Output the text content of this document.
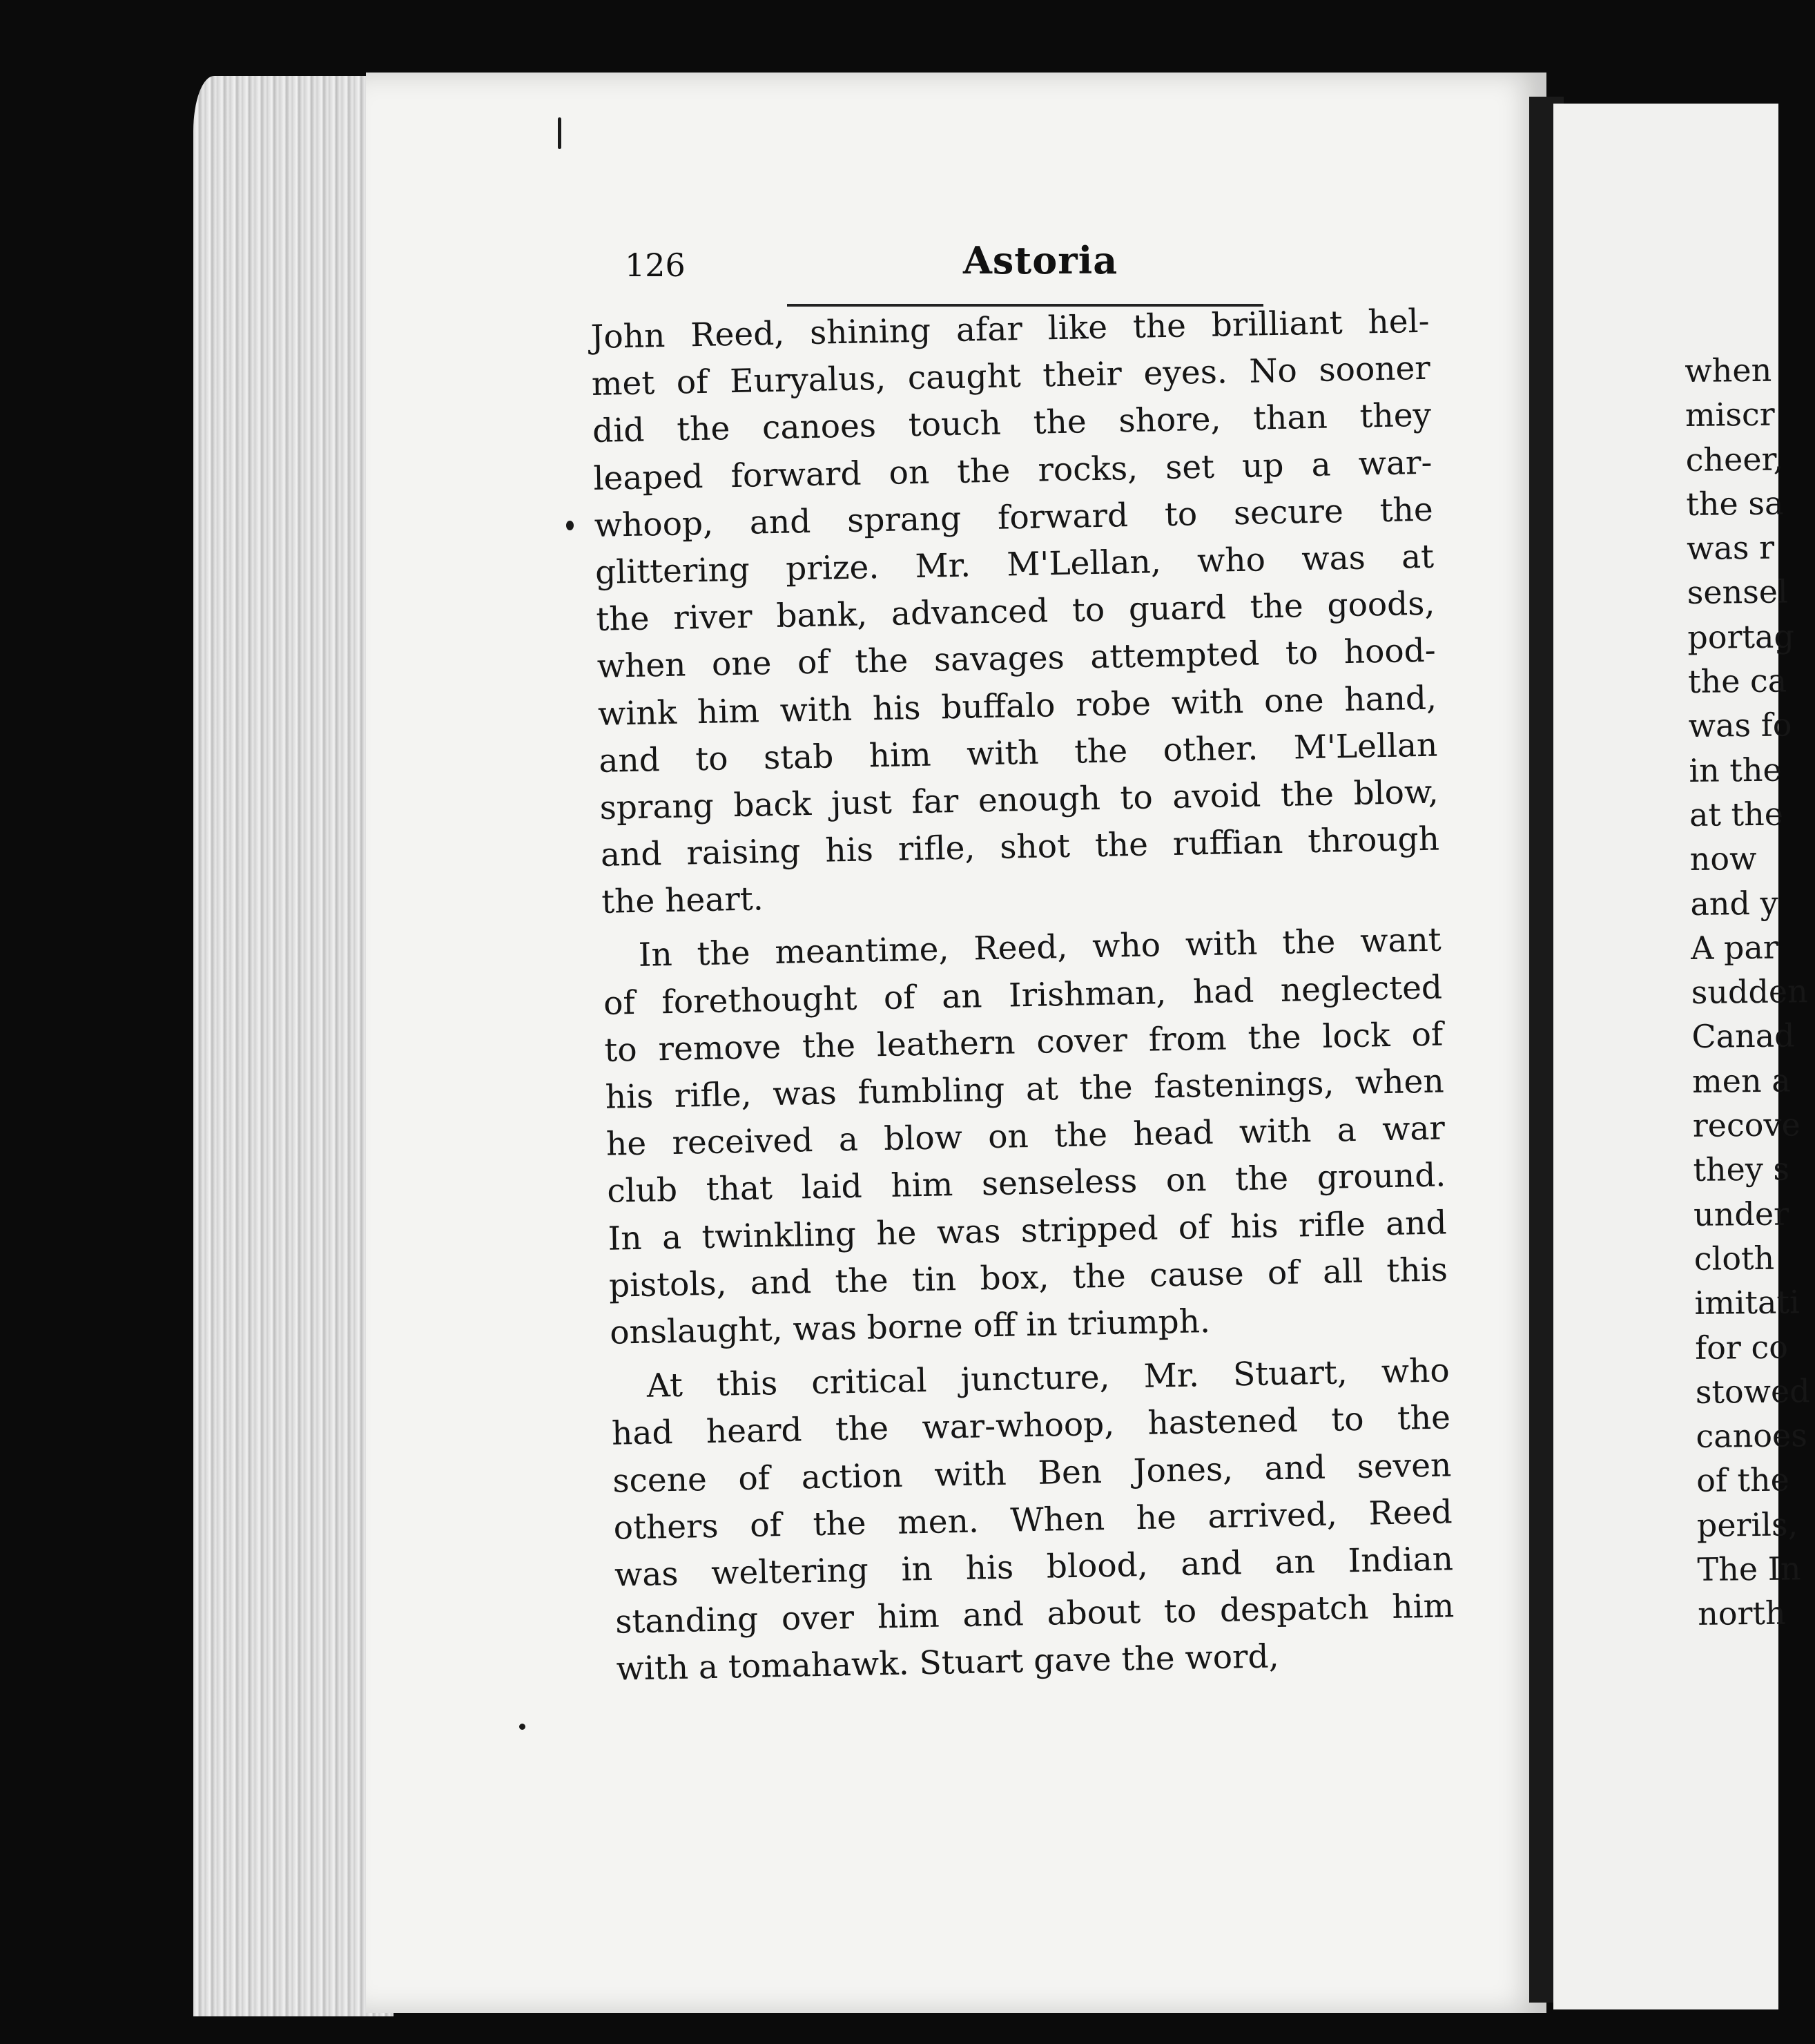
126	Astoria
John Reed, shining afar like the brilliant hel-
met of Euryalus, caught their eyes. No sooner
did the canoes touch the shore, than they
leaped forward on the rocks, set up a war-
whoop, and sprang forward to secure the
glittering prize. Mr. M'Lellan, who was at
the river bank, advanced to guard the goods,
when one of the savages attempted to hood-
wink him with his buffalo robe with one hand,
and to stab him with the other. M'Lellan
sprang back just far enough to avoid the blow,
and raising his rifle, shot the ruffian through
the heart.
In the meantime, Reed, who with the want
of forethought of an Irishman, had neglected
to remove the leathern cover from the lock of
his rifle, was fumbling at the fastenings, when
he received a blow on the head with a war
club that laid him senseless on the ground.
In a twinkling he was stripped of his rifle and
pistols, and the tin box, the cause of all this
onslaught, was borne off in triumph.
At this critical juncture, Mr. Stuart, who
had heard the war-whoop, hastened to the
scene of action with Ben Jones, and seven
others of the men. When he arrived, Reed
was weltering in his blood, and an Indian
standing over him and about to despatch him
with a tomahawk. Stuart gave the word,
when
miscr
cheer,
the sa
was r
sensel
portag
the ca
was fo
in the
at the
now
and y
A par
sudden
Canad
men a
recove
they s
under
cloth
imitati
for co
stowed
canoes
of the
perils,
The In
north
